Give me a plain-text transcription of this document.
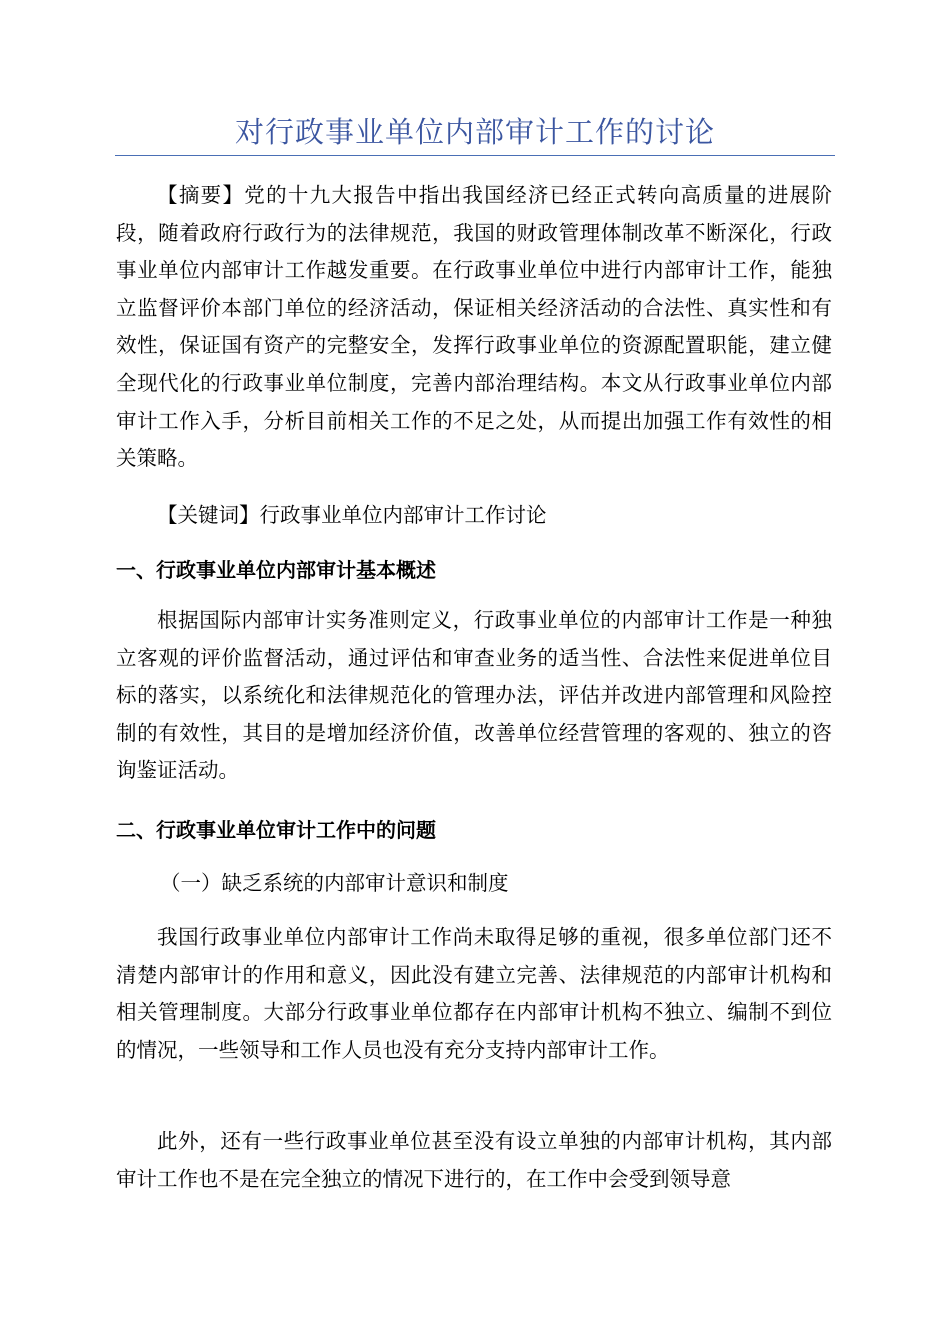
对行政事业单位内部审计工作的讨论
【摘要】党的十九大报告中指出我国经济已经正式转向高质量的进展阶段，随着政府行政行为的法律规范，我国的财政管理体制改革不断深化，行政事业单位内部审计工作越发重要。在行政事业单位中进行内部审计工作，能独立监督评价本部门单位的经济活动，保证相关经济活动的合法性、真实性和有效性，保证国有资产的完整安全，发挥行政事业单位的资源配置职能，建立健全现代化的行政事业单位制度，完善内部治理结构。本文从行政事业单位内部审计工作入手，分析目前相关工作的不足之处，从而提出加强工作有效性的相关策略。
【关键词】行政事业单位内部审计工作讨论
一、行政事业单位内部审计基本概述
根据国际内部审计实务准则定义，行政事业单位的内部审计工作是一种独立客观的评价监督活动，通过评估和审查业务的适当性、合法性来促进单位目标的落实，以系统化和法律规范化的管理办法，评估并改进内部管理和风险控制的有效性，其目的是增加经济价值，改善单位经营管理的客观的、独立的咨询鉴证活动。
二、行政事业单位审计工作中的问题
（一）缺乏系统的内部审计意识和制度
我国行政事业单位内部审计工作尚未取得足够的重视，很多单位部门还不清楚内部审计的作用和意义，因此没有建立完善、法律规范的内部审计机构和相关管理制度。大部分行政事业单位都存在内部审计机构不独立、编制不到位的情况，一些领导和工作人员也没有充分支持内部审计工作。
此外，还有一些行政事业单位甚至没有设立单独的内部审计机构，其内部审计工作也不是在完全独立的情况下进行的，在工作中会受到领导意
